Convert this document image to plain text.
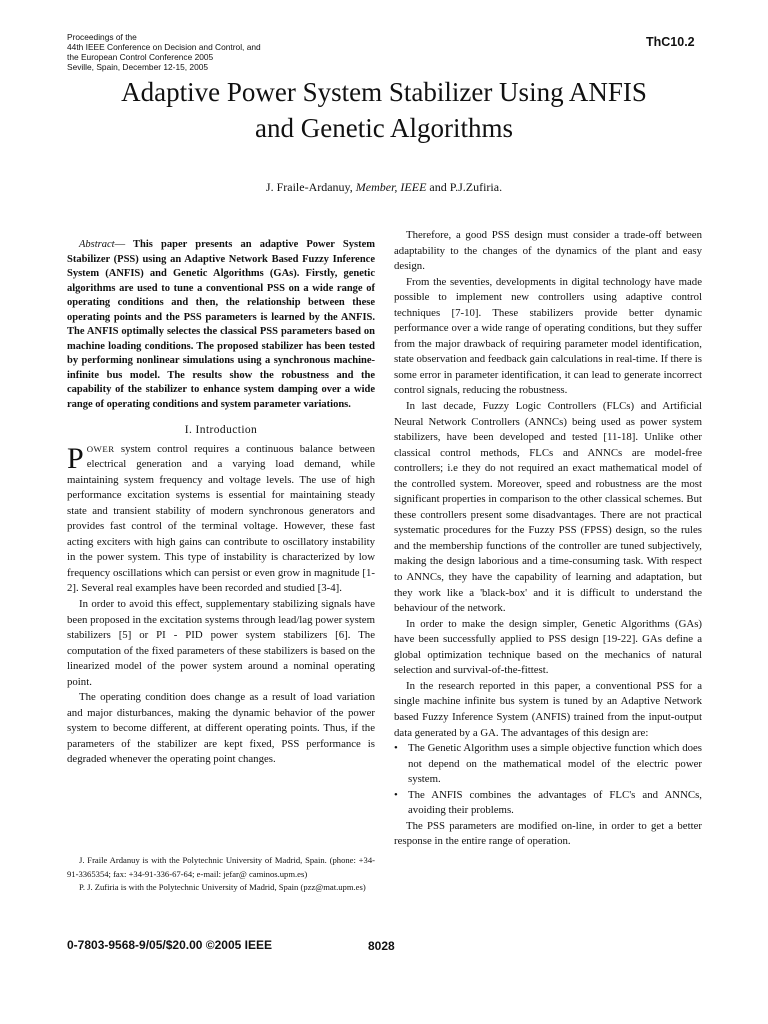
Proceedings of the
44th IEEE Conference on Decision and Control, and
the European Control Conference 2005
Seville, Spain, December 12-15, 2005
ThC10.2
Adaptive Power System Stabilizer Using ANFIS
and Genetic Algorithms
J. Fraile-Ardanuy, Member, IEEE and P.J.Zufiria.

Abstract— This paper presents an adaptive Power System Stabilizer (PSS) using an Adaptive Network Based Fuzzy Inference System (ANFIS) and Genetic Algorithms (GAs). Firstly, genetic algorithms are used to tune a conventional PSS on a wide range of operating conditions and then, the relationship between these operating points and the PSS parameters is learned by the ANFIS. The ANFIS optimally selectes the classical PSS parameters based on machine loading conditions. The proposed stabilizer has been tested by performing nonlinear simulations using a synchronous machine-infinite bus model. The results show the robustness and the capability of the stabilizer to enhance system damping over a wide range of operating conditions and system parameter variations.

I. Introduction

POWER system control requires a continuous balance between electrical generation and a varying load demand, while maintaining system frequency and voltage levels. The use of high performance excitation systems is essential for maintaining steady state and transient stability of modern synchronous generators and provides fast control of the terminal voltage. However, these fast acting exciters with high gains can contribute to oscillatory instability in the power system. This type of instability is characterized by low frequency oscillations which can persist or even grow in magnitude [1-2]. Several real examples have been recorded and studied [3-4].

In order to avoid this effect, supplementary stabilizing signals have been proposed in the excitation systems through lead/lag power system stabilizers [5] or PI - PID power system stabilizers [6]. The computation of the fixed parameters of these stabilizers is based on the linearized model of the power system around a nominal operating point.

The operating condition does change as a result of load variation and major disturbances, making the dynamic behavior of the power system to become different, at different operating points. Thus, if the parameters of the stabilizer are kept fixed, PSS performance is degraded whenever the operating point changes.

J. Fraile Ardanuy is with the Polytechnic University of Madrid, Spain. (phone: +34-91-3365354; fax: +34-91-336-67-64; e-mail: jefar@ caminos.upm.es)

P. J. Zufiria is with the Polytechnic University of Madrid, Spain (pzz@mat.upm.es)

Therefore, a good PSS design must consider a trade-off between adaptability to the changes of the dynamics of the plant and easy design.

From the seventies, developments in digital technology have made possible to implement new controllers using adaptive control techniques [7-10]. These stabilizers provide better dynamic performance over a wide range of operating conditions, but they suffer from the major drawback of requiring parameter model identification, state observation and feedback gain calculations in real-time. If there is some error in parameter identification, it can lead to generate incorrect control signals, reducing the robustness.

In last decade, Fuzzy Logic Controllers (FLCs) and Artificial Neural Network Controllers (ANNCs) being used as power system stabilizers, have been developed and tested [11-18]. Unlike other classical control methods, FLCs and ANNCs are model-free controllers; i.e they do not required an exact mathematical model of the controlled system. Moreover, speed and robustness are the most significant properties in comparison to the other classical schemes. But these controllers present some disadvantages. There are not practical systematic procedures for the Fuzzy PSS (FPSS) design, so the rules and the membership functions of the controller are tuned subjectively, making the design laborious and a time-consuming task. With respect to ANNCs, they have the capability of learning and adaptation, but they work like a 'black-box' and it is difficult to understand the behaviour of the network.

In order to make the design simpler, Genetic Algorithms (GAs) have been successfully applied to PSS design [19-22]. GAs define a global optimization technique based on the mechanics of natural selection and survival-of-the-fittest.

In the research reported in this paper, a conventional PSS for a single machine infinite bus system is tuned by an Adaptive Network based Fuzzy Inference System (ANFIS) trained from the input-output data generated by a GA. The advantages of this design are:

• The Genetic Algorithm uses a simple objective function which does not depend on the mathematical model of the electric power system.
• The ANFIS combines the advantages of FLC's and ANNCs, avoiding their problems.

The PSS parameters are modified on-line, in order to get a better response in the entire range of operation.

0-7803-9568-9/05/$20.00 ©2005 IEEE	8028
